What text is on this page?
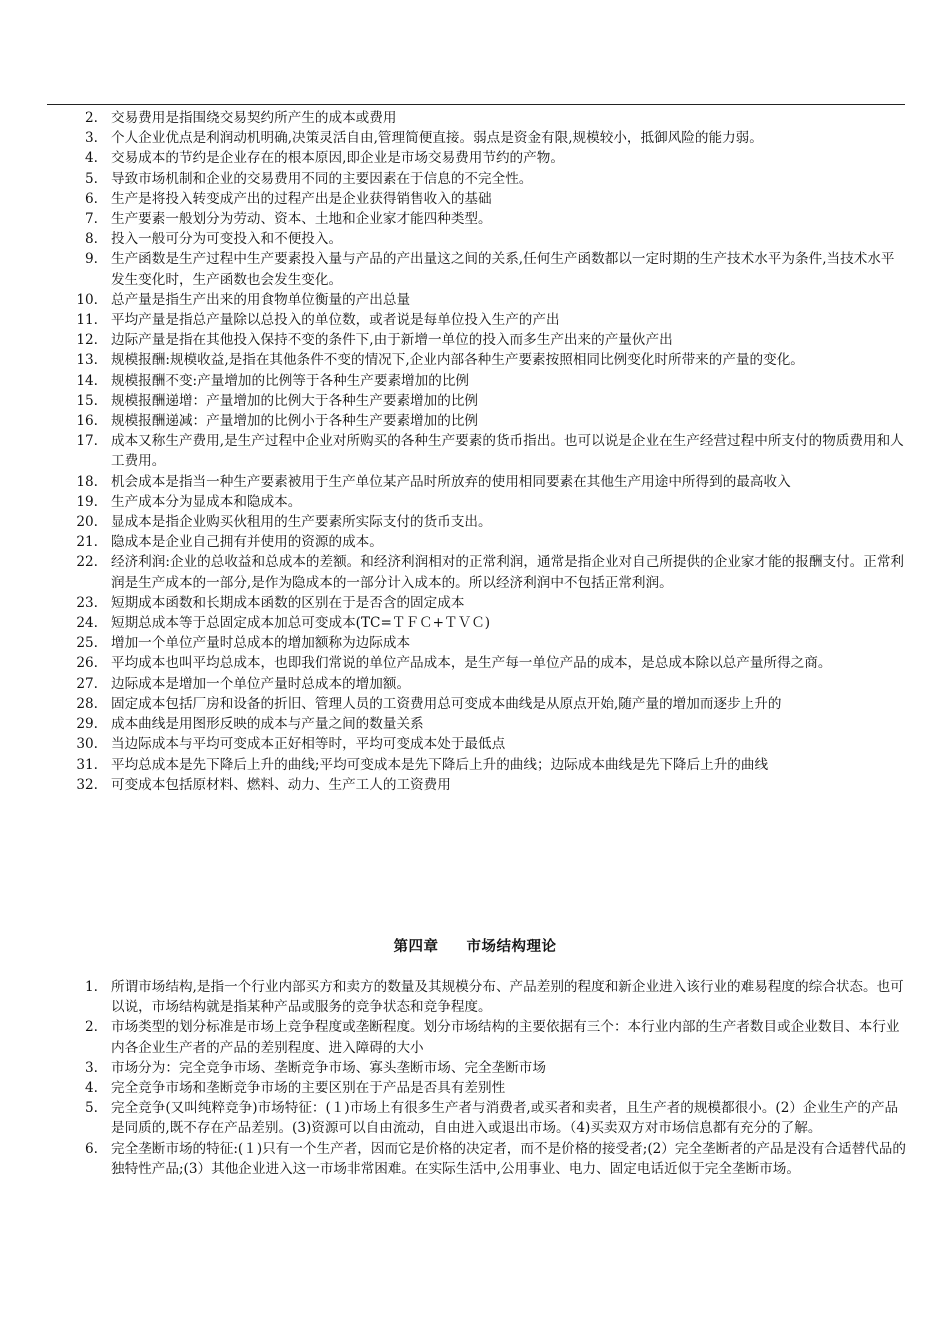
2. 交易费用是指围绕交易契约所产生的成本或费用
3. 个人企业优点是利润动机明确,决策灵活自由,管理简便直接。弱点是资金有限,规模较小，抵御风险的能力弱。
4. 交易成本的节约是企业存在的根本原因,即企业是市场交易费用节约的产物。
5. 导致市场机制和企业的交易费用不同的主要因素在于信息的不完全性。
6. 生产是将投入转变成产出的过程产出是企业获得销售收入的基础
7. 生产要素一般划分为劳动、资本、土地和企业家才能四种类型。
8. 投入一般可分为可变投入和不便投入。
9. 生产函数是生产过程中生产要素投入量与产品的产出量这之间的关系,任何生产函数都以一定时期的生产技术水平为条件,当技术水平发生变化时，生产函数也会发生变化。
10. 总产量是指生产出来的用食物单位衡量的产出总量
11. 平均产量是指总产量除以总投入的单位数，或者说是每单位投入生产的产出
12. 边际产量是指在其他投入保持不变的条件下,由于新增一单位的投入而多生产出来的产量伙产出
13. 规模报酬:规模收益,是指在其他条件不变的情况下,企业内部各种生产要素按照相同比例变化时所带来的产量的变化。
14. 规模报酬不变:产量增加的比例等于各种生产要素增加的比例
15. 规模报酬递增：产量增加的比例大于各种生产要素增加的比例
16. 规模报酬递减：产量增加的比例小于各种生产要素增加的比例
17. 成本又称生产费用,是生产过程中企业对所购买的各种生产要素的货币指出。也可以说是企业在生产经营过程中所支付的物质费用和人工费用。
18. 机会成本是指当一种生产要素被用于生产单位某产品时所放弃的使用相同要素在其他生产用途中所得到的最高收入
19. 生产成本分为显成本和隐成本。
20. 显成本是指企业购买伙租用的生产要素所实际支付的货币支出。
21. 隐成本是企业自己拥有并使用的资源的成本。
22. 经济利润:企业的总收益和总成本的差额。和经济利润相对的正常利润，通常是指企业对自己所提供的企业家才能的报酬支付。正常利润是生产成本的一部分,是作为隐成本的一部分计入成本的。所以经济利润中不包括正常利润。
23. 短期成本函数和长期成本函数的区别在于是否含的固定成本
24. 短期总成本等于总固定成本加总可变成本(TC=ＴＦＣ+ＴＶＣ)
25. 增加一个单位产量时总成本的增加额称为边际成本
26. 平均成本也叫平均总成本，也即我们常说的单位产品成本，是生产每一单位产品的成本，是总成本除以总产量所得之商。
27. 边际成本是增加一个单位产量时总成本的增加额。
28. 固定成本包括厂房和设备的折旧、管理人员的工资费用总可变成本曲线是从原点开始,随产量的增加而逐步上升的
29. 成本曲线是用图形反映的成本与产量之间的数量关系
30. 当边际成本与平均可变成本正好相等时，平均可变成本处于最低点
31. 平均总成本是先下降后上升的曲线;平均可变成本是先下降后上升的曲线；边际成本曲线是先下降后上升的曲线
32. 可变成本包括原材料、燃料、动力、生产工人的工资费用
第四章 市场结构理论
1. 所谓市场结构,是指一个行业内部买方和卖方的数量及其规模分布、产品差别的程度和新企业进入该行业的难易程度的综合状态。也可以说，市场结构就是指某种产品或服务的竞争状态和竞争程度。
2. 市场类型的划分标准是市场上竞争程度或垄断程度。划分市场结构的主要依据有三个：本行业内部的生产者数目或企业数目、本行业内各企业生产者的产品的差别程度、进入障碍的大小
3. 市场分为：完全竞争市场、垄断竞争市场、寡头垄断市场、完全垄断市场
4. 完全竞争市场和垄断竞争市场的主要区别在于产品是否具有差别性
5. 完全竞争(又叫纯粹竞争)市场特征：(１)市场上有很多生产者与消费者,或买者和卖者，且生产者的规模都很小。(2）企业生产的产品是同质的,既不存在产品差别。(3)资源可以自由流动，自由进入或退出市场。（4)买卖双方对市场信息都有充分的了解。
6. 完全垄断市场的特征:(１)只有一个生产者，因而它是价格的决定者，而不是价格的接受者;(2）完全垄断者的产品是没有合适替代品的独特性产品;(3）其他企业进入这一市场非常困难。在实际生活中,公用事业、电力、固定电话近似于完全垄断市场。
